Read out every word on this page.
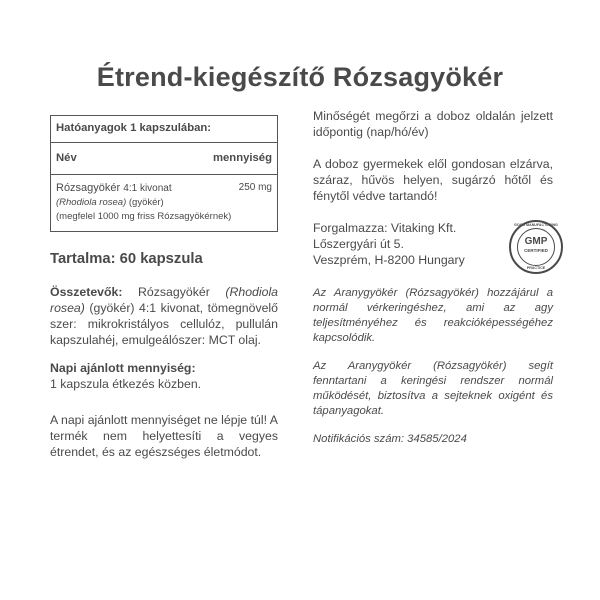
Étrend-kiegészítő Rózsagyökér
Hatóanyagok 1 kapszulában:
Név	mennyiség
Rózsagyökér 4:1 kivonat	250 mg
(Rhodiola rosea) (gyökér)
(megfelel 1000 mg friss Rózsagyökérnek)
Tartalma: 60 kapszula
Összetevők: Rózsagyökér (Rhodiola rosea) (gyökér) 4:1 kivonat, tömegnövelő szer: mikrokristályos cellulóz, pullulán kapszulahéj, emulgeálószer: MCT olaj.
Napi ajánlott mennyiség:
1 kapszula étkezés közben.
A napi ajánlott mennyiséget ne lépje túl! A termék nem helyettesíti a vegyes étrendet, és az egészséges életmódot.
Minőségét megőrzi a doboz oldalán jelzett időpontig (nap/hó/év)
A doboz gyermekek elől gondosan elzárva, száraz, hűvös helyen, sugárzó hőtől és fénytől védve tartandó!
Forgalmazza: Vitaking Kft.
Lőszergyári út 5.
Veszprém, H-8200 Hungary
Az Aranygyökér (Rózsagyökér) hozzájárul a normál vérkeringéshez, ami az agy teljesítményéhez és reakcióképességéhez kapcsolódik.
Az Aranygyökér (Rózsagyökér) segít fenntartani a keringési rendszer normál működését, biztosítva a sejteknek oxigént és tápanyagokat.
Notifikációs szám: 34585/2024
GOOD MANUFACTURING
GMP
CERTIFIED
PRACTICE
